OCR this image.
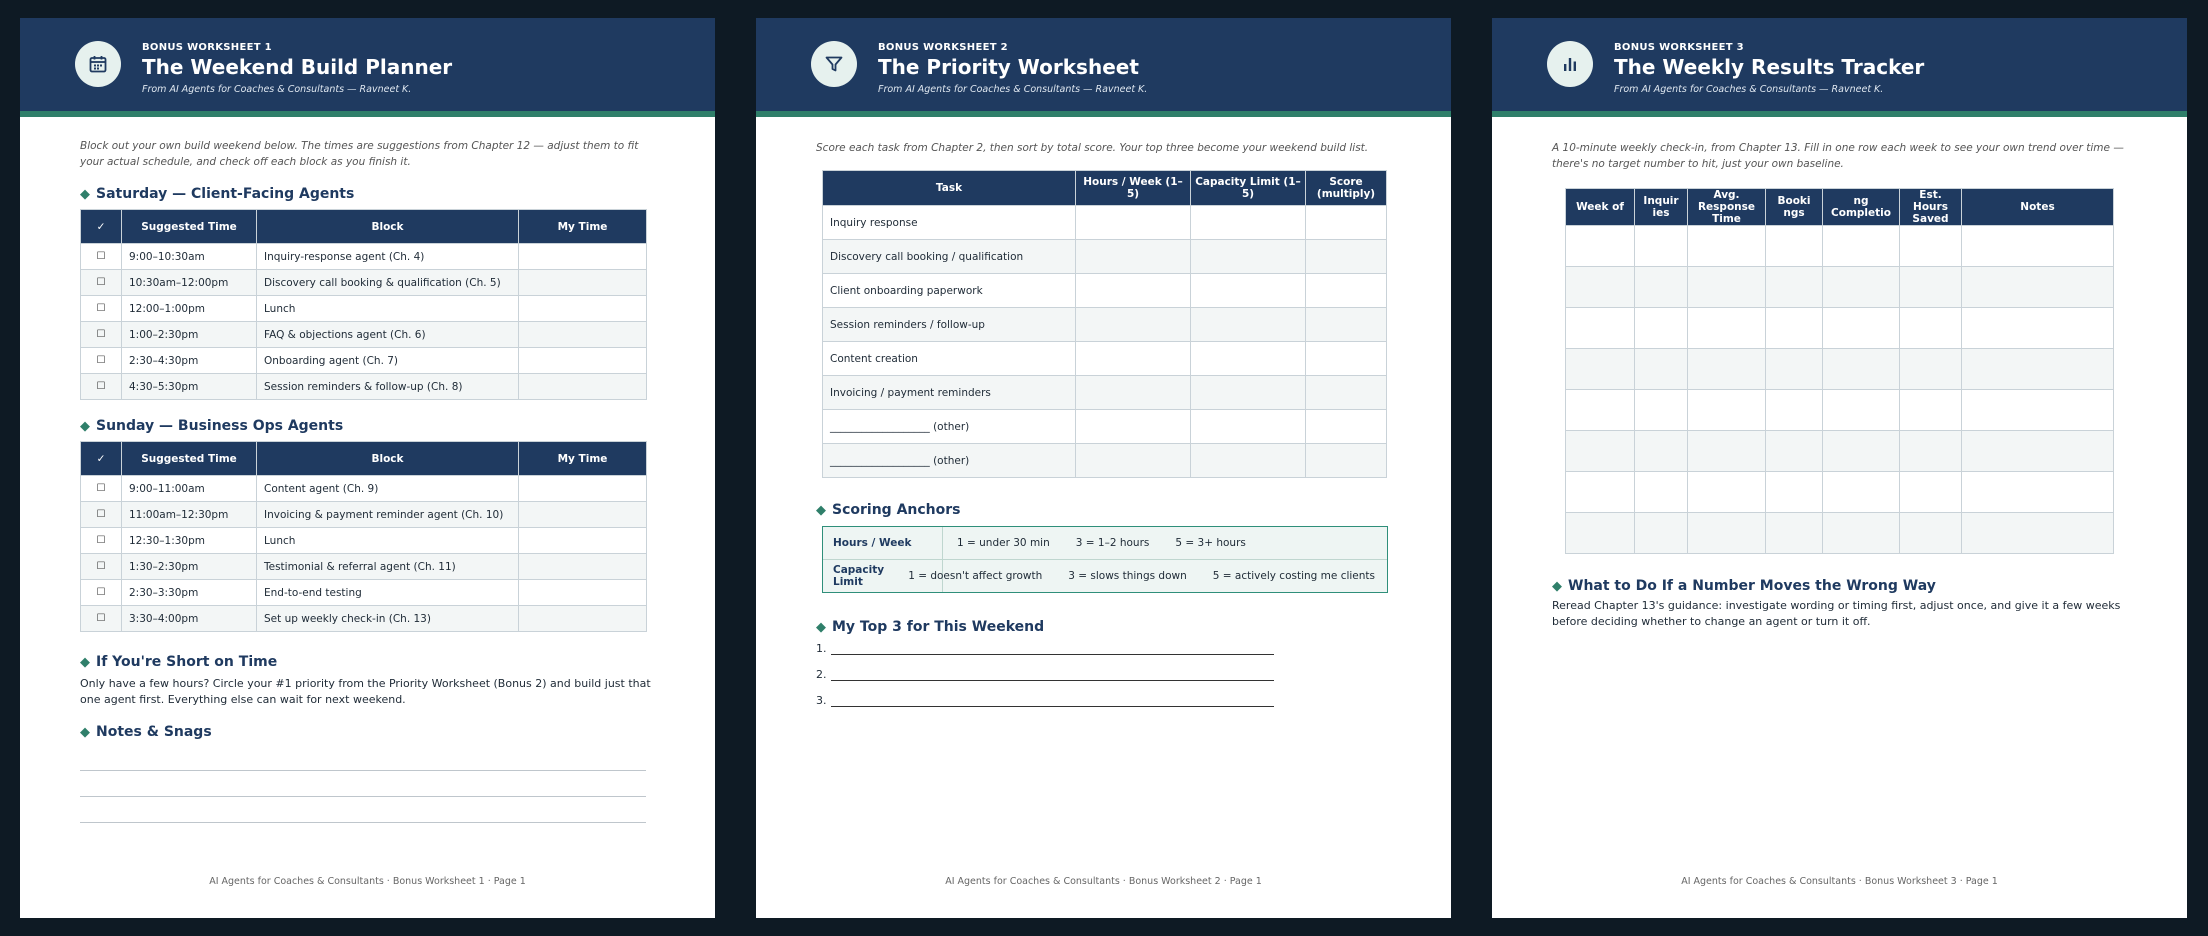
BONUS WORKSHEET 1
The Weekend Build Planner
From AI Agents for Coaches & Consultants — Ravneet K.

Block out your own build weekend below. The times are suggestions from Chapter 12 — adjust them to fit your actual schedule, and check off each block as you finish it.

◆ Saturday — Client-Facing Agents
✓	Suggested Time	Block	My Time
☐	9:00–10:30am	Inquiry-response agent (Ch. 4)	
☐	10:30am–12:00pm	Discovery call booking & qualification (Ch. 5)	
☐	12:00–1:00pm	Lunch	
☐	1:00–2:30pm	FAQ & objections agent (Ch. 6)	
☐	2:30–4:30pm	Onboarding agent (Ch. 7)	
☐	4:30–5:30pm	Session reminders & follow-up (Ch. 8)	
◆ Sunday — Business Ops Agents
✓	Suggested Time	Block	My Time
☐	9:00–11:00am	Content agent (Ch. 9)	
☐	11:00am–12:30pm	Invoicing & payment reminder agent (Ch. 10)	
☐	12:30–1:30pm	Lunch	
☐	1:30–2:30pm	Testimonial & referral agent (Ch. 11)	
☐	2:30–3:30pm	End-to-end testing	
☐	3:30–4:00pm	Set up weekly check-in (Ch. 13)	
◆ If You're Short on Time

Only have a few hours? Circle your #1 priority from the Priority Worksheet (Bonus 2) and build just that one agent first. Everything else can wait for next weekend.

◆ Notes & Snags
AI Agents for Coaches & Consultants · Bonus Worksheet 1 · Page 1
BONUS WORKSHEET 2
The Priority Worksheet
From AI Agents for Coaches & Consultants — Ravneet K.

Score each task from Chapter 2, then sort by total score. Your top three become your weekend build list.

Task	Hours / Week (1–5)	Capacity Limit (1–5)	Score (multiply)
Inquiry response			
Discovery call booking / qualification			
Client onboarding paperwork			
Session reminders / follow-up			
Content creation			
Invoicing / payment reminders			
___________________ (other)			
___________________ (other)			
◆ Scoring Anchors
Hours / Week	1 = under 30 min 3 = 1–2 hours 5 = 3+ hours
Capacity Limit	1 = doesn't affect growth 3 = slows things down 5 = actively costing me clients
◆ My Top 3 for This Weekend
1.
2.
3.
AI Agents for Coaches & Consultants · Bonus Worksheet 2 · Page 1
BONUS WORKSHEET 3
The Weekly Results Tracker
From AI Agents for Coaches & Consultants — Ravneet K.

A 10-minute weekly check-in, from Chapter 13. Fill in one row each week to see your own trend over time — there's no target number to hit, just your own baseline.

Week of	Inquir ies	Avg. Response Time	Booki ngs	ng Completio	Est. Hours Saved	Notes

◆ What to Do If a Number Moves the Wrong Way

Reread Chapter 13's guidance: investigate wording or timing first, adjust once, and give it a few weeks before deciding whether to change an agent or turn it off.

AI Agents for Coaches & Consultants · Bonus Worksheet 3 · Page 1
